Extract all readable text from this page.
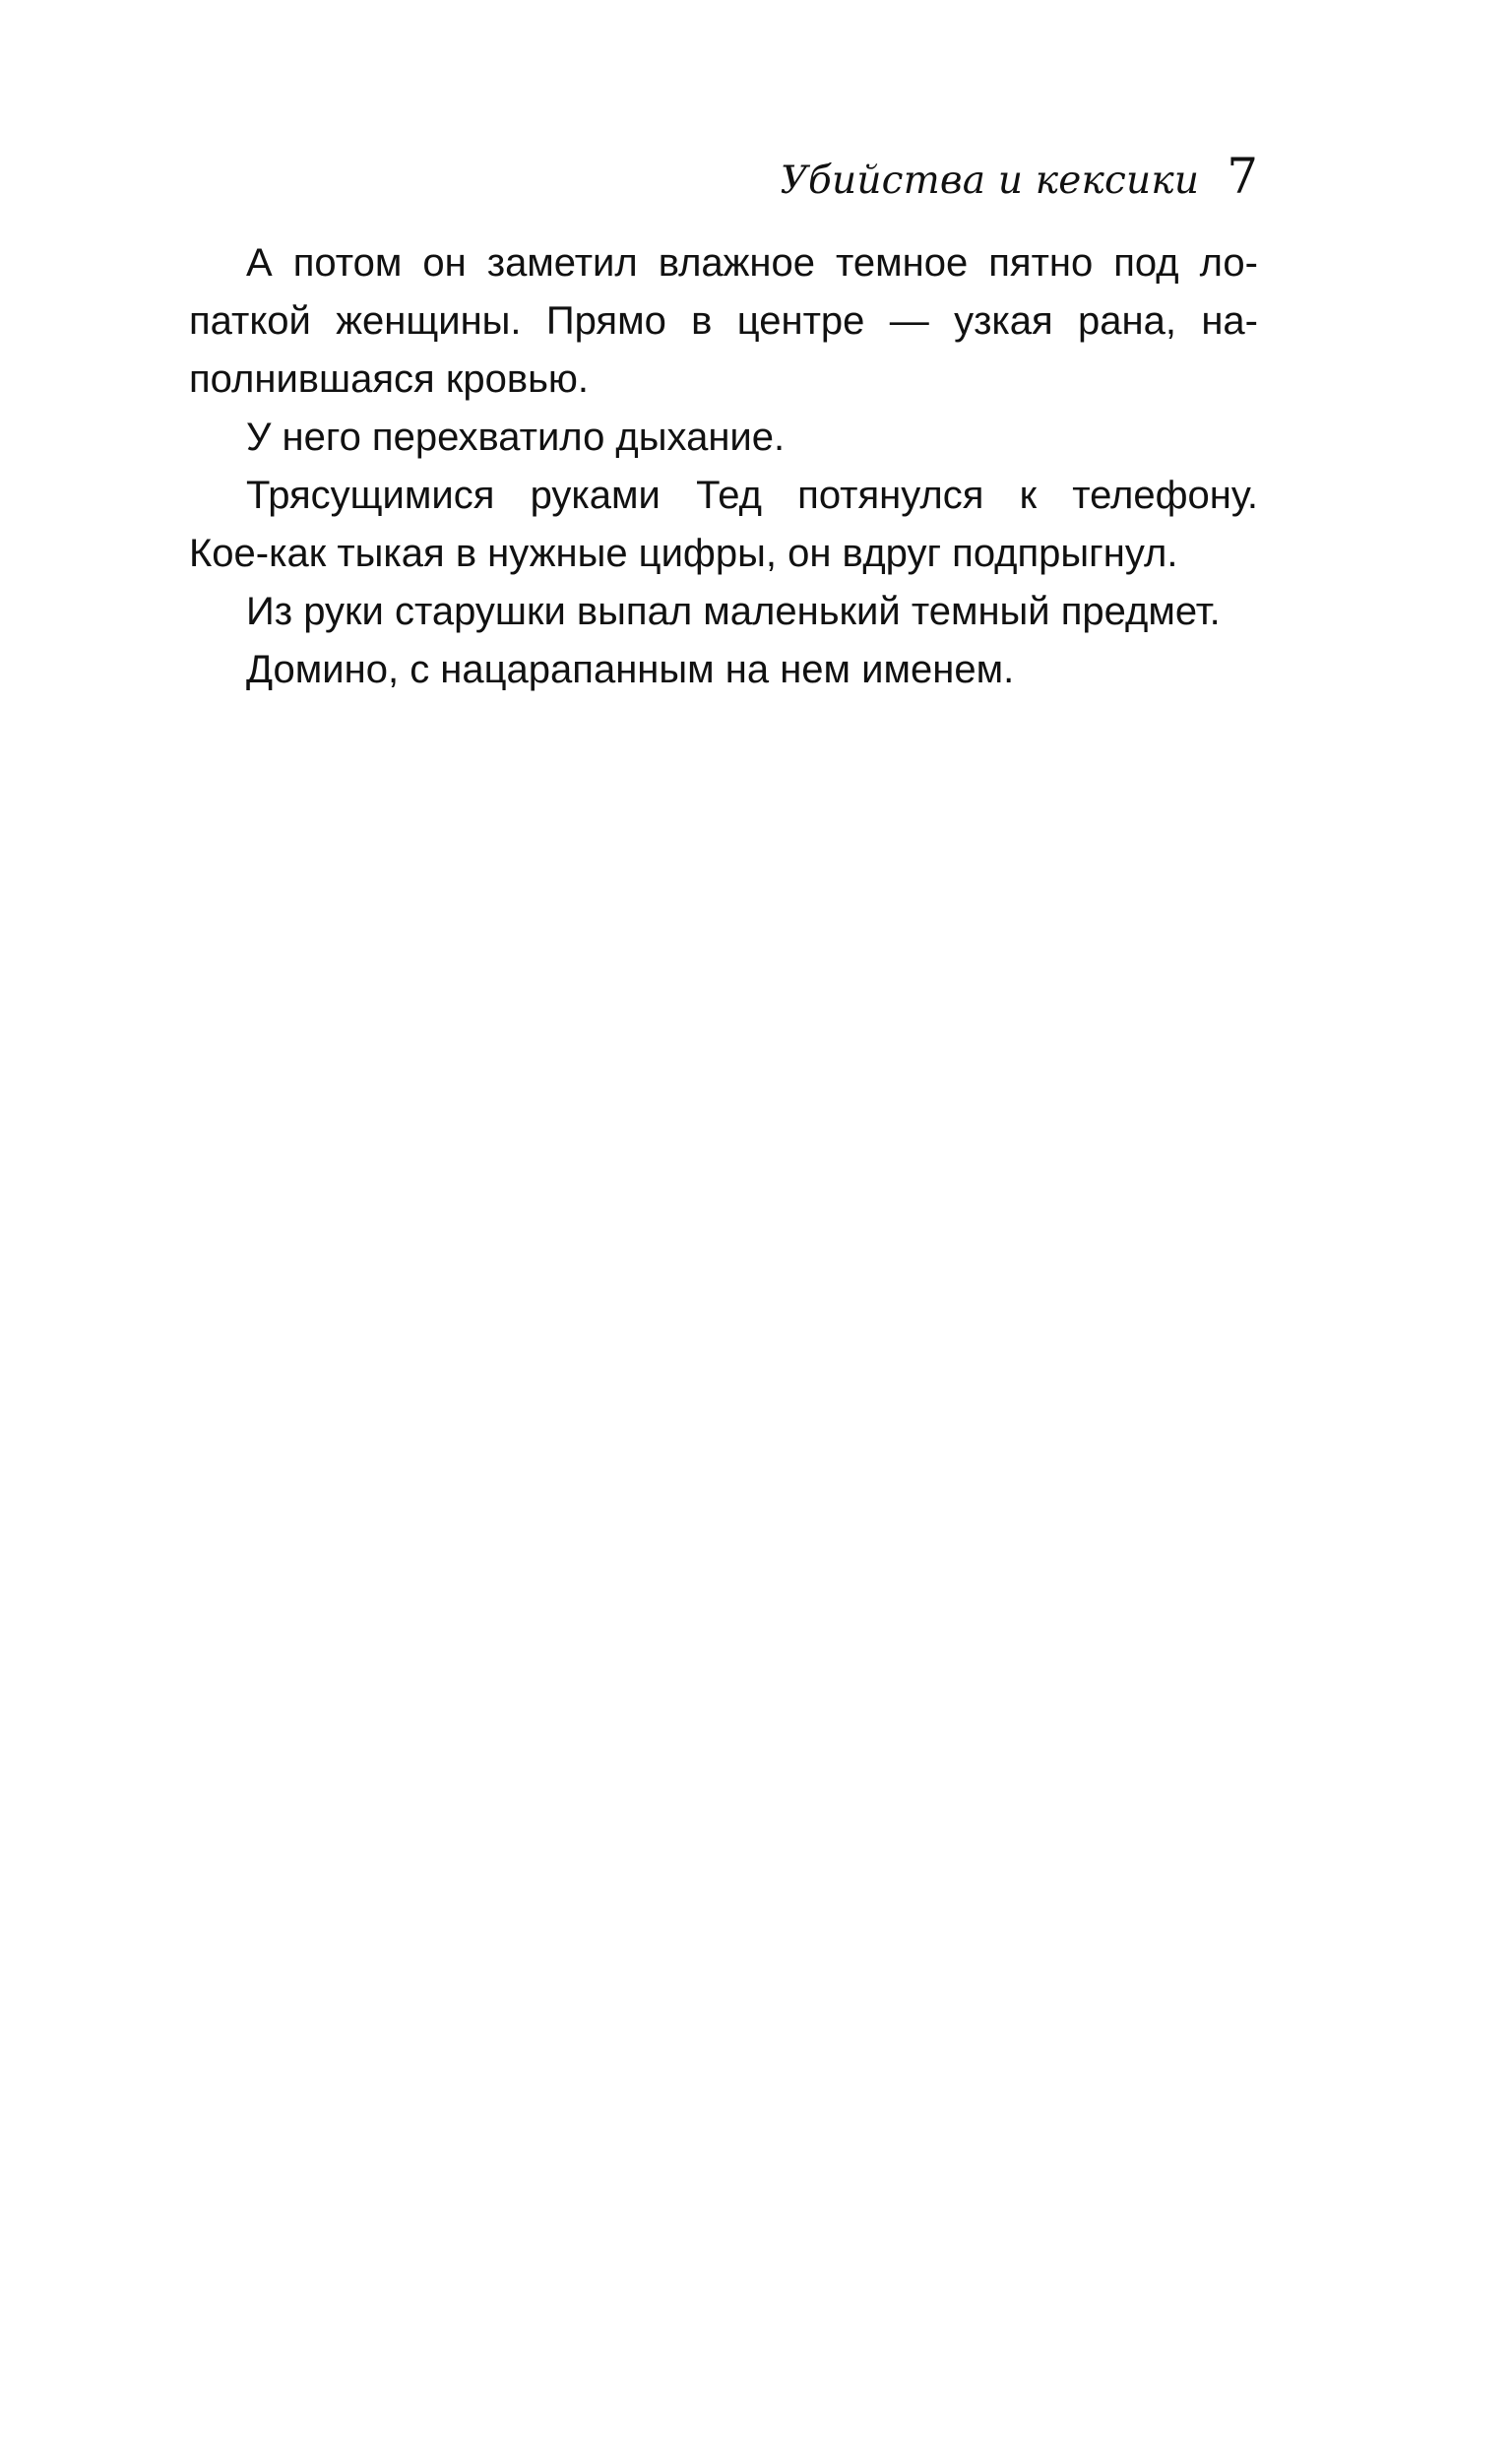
Убийства и кексики 7
А потом он заметил влажное темное пятно под ло-
паткой женщины. Прямо в центре — узкая рана, на-
полнившаяся кровью.
У него перехватило дыхание.
Трясущимися руками Тед потянулся к телефону.
Кое-как тыкая в нужные цифры, он вдруг подпрыгнул.
Из руки старушки выпал маленький темный предмет.
Домино, с нацарапанным на нем именем.
